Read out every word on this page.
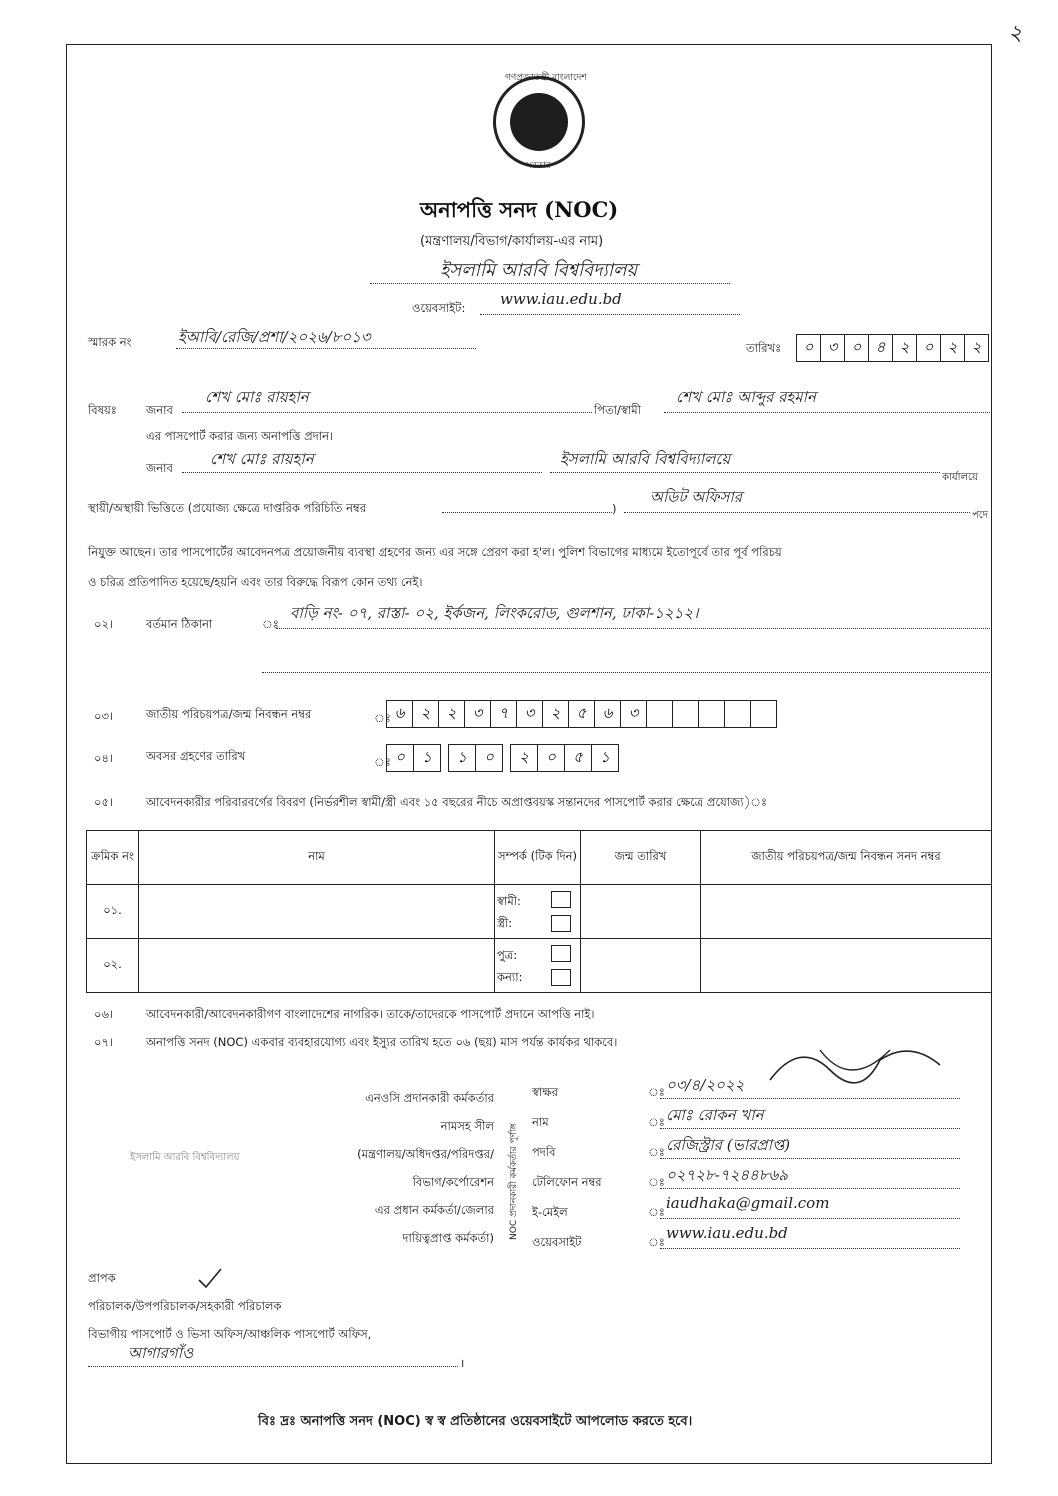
২
গণপ্রজাতন্ত্রী বাংলাদেশ
সরকার
অনাপত্তি সনদ (NOC)
(মন্ত্রণালয়/বিভাগ/কার্যালয়-এর নাম)
ইসলামি আরবি বিশ্ববিদ্যালয়
ওয়েবসাইট: www.iau.edu.bd
স্মারক নং	ইআবি/রেজি/প্রশা/২০২৬/৮০১৩
তারিখঃ	০ ৩ ০ ৪ ২ ০ ২ ২
বিষয়ঃ	জনাব
শেখ মোঃ রায়হান
পিতা/স্বামী
শেখ মোঃ আব্দুর রহমান
এর পাসপোর্ট করার জন্য অনাপত্তি প্রদান।
জনাব শেখ মোঃ রায়হান	ইসলামি আরবি বিশ্ববিদ্যালয়ে
কার্যালয়ে
স্থায়ী/অস্থায়ী ভিত্তিতে (প্রযোজ্য ক্ষেত্রে দাপ্তরিক পরিচিতি নম্বর	)
অডিট অফিসার
পদে
নিযুক্ত আছেন। তার পাসপোর্টের আবেদনপত্র প্রয়োজনীয় ব্যবস্থা গ্রহণের জন্য এর সঙ্গে প্রেরণ করা হ'ল। পুলিশ বিভাগের মাধ্যমে ইতোপূর্বে তার পূর্ব পরিচয়
ও চরিত্র প্রতিপাদিত হয়েছে/হয়নি এবং তার বিরুদ্ধে বিরূপ কোন তথ্য নেই।
০২।	বর্তমান ঠিকানা	ঃ
বাড়ি নং- ০৭, রাস্তা- ০২, ইর্কজন, লিংকরোড, গুলশান, ঢাকা-১২১২।
০৩।	জাতীয় পরিচয়পত্র/জন্ম নিবন্ধন নম্বর	ঃ ৬	২	২	৩	৭	৩	২	৫	৬	৩
০৪।	অবসর গ্রহণের তারিখ	ঃ ০	১	১	০	২	০	৫	১
০৫।	আবেদনকারীর পরিবারবর্গের বিবরণ (নির্ভরশীল স্বামী/স্ত্রী এবং ১৫ বছরের নীচে অপ্রাপ্তবয়স্ক সন্তানদের পাসপোর্ট করার ক্ষেত্রে প্রযোজ্য)ঃ
ক্রমিক নং	নাম	সম্পর্ক (টিক দিন)	জন্ম তারিখ	জাতীয় পরিচয়পত্র/জন্ম নিবন্ধন সনদ নম্বর
০১.		স্বামী:
স্ত্রী:		

০২.		পুত্র:
কন্যা:		

০৬।	আবেদনকারী/আবেদনকারীগণ বাংলাদেশের নাগরিক। তাকে/তাদেরকে পাসপোর্ট প্রদানে আপত্তি নাই।
০৭।	অনাপত্তি সনদ (NOC) একবার ব্যবহারযোগ্য এবং ইস্যুর তারিখ হতে ০৬ (ছয়) মাস পর্যন্ত কার্যকর থাকবে।
ইসলামি আরবি বিশ্ববিদ্যালয়
এনওসি প্রদানকারী কর্মকর্তার
নামসহ সীল
(মন্ত্রণালয়/অধিদপ্তর/পরিদপ্তর/
বিভাগ/কর্পোরেশন
এর প্রধান কর্মকর্তা/জেলার
দায়িত্বপ্রাপ্ত কর্মকর্তা)	NOC প্রদানকারী কর্মকর্তার পূর্ণাঙ্গ
স্বাক্ষর	ঃ ০৩/৪/২০২২
নাম	ঃ মোঃ রোকন খান
পদবি	ঃ রেজিস্ট্রার (ভারপ্রাপ্ত)
টেলিফোন নম্বর	ঃ ০২৭২৮-৭২৪৪৮৬৯
ই-মেইল	ঃ iaudhaka@gmail.com
ওয়েবসাইট	ঃ www.iau.edu.bd
প্রাপক
পরিচালক/উপপরিচালক/সহকারী পরিচালক
বিভাগীয় পাসপোর্ট ও ভিসা অফিস/আঞ্চলিক পাসপোর্ট অফিস,
আগারগাঁও
।
বিঃ দ্রঃ অনাপত্তি সনদ (NOC) স্ব স্ব প্রতিষ্ঠানের ওয়েবসাইটে আপলোড করতে হবে।
